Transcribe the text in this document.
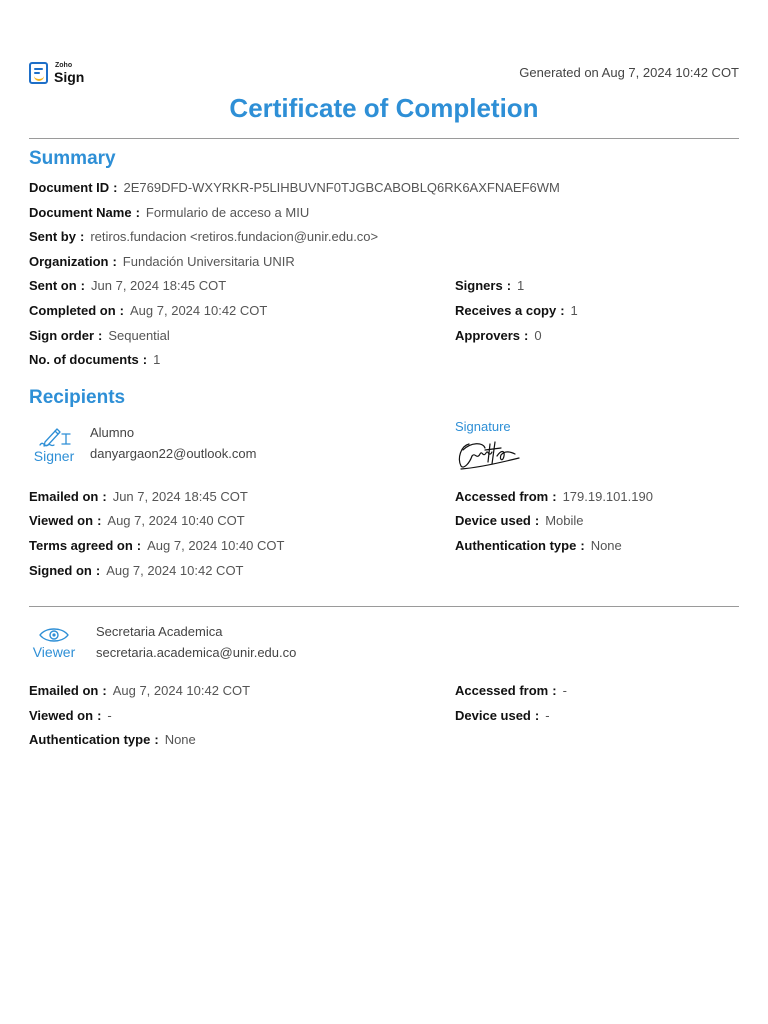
Zoho
Sign	Generated on Aug 7, 2024 10:42 COT
Certificate of Completion
Summary
Document ID : 2E769DFD-WXYRKR-P5LIHBUVNF0TJGBCABOBLQ6RK6AXFNAEF6WM
Document Name : Formulario de acceso a MIU
Sent by : retiros.fundacion <retiros.fundacion@unir.edu.co>
Organization : Fundación Universitaria UNIR
Sent on : Jun 7, 2024 18:45 COT
Completed on : Aug 7, 2024 10:42 COT
Sign order : Sequential
No. of documents : 1
Signers : 1
Receives a copy : 1
Approvers : 0
Recipients
Signer
Alumno
danyargaon22@outlook.com
Signature
Emailed on : Jun 7, 2024 18:45 COT
Viewed on : Aug 7, 2024 10:40 COT
Terms agreed on : Aug 7, 2024 10:40 COT
Signed on : Aug 7, 2024 10:42 COT
Accessed from : 179.19.101.190
Device used : Mobile
Authentication type : None
Viewer
Secretaria Academica
secretaria.academica@unir.edu.co
Emailed on : Aug 7, 2024 10:42 COT
Viewed on : -
Authentication type : None
Accessed from : -
Device used : -
